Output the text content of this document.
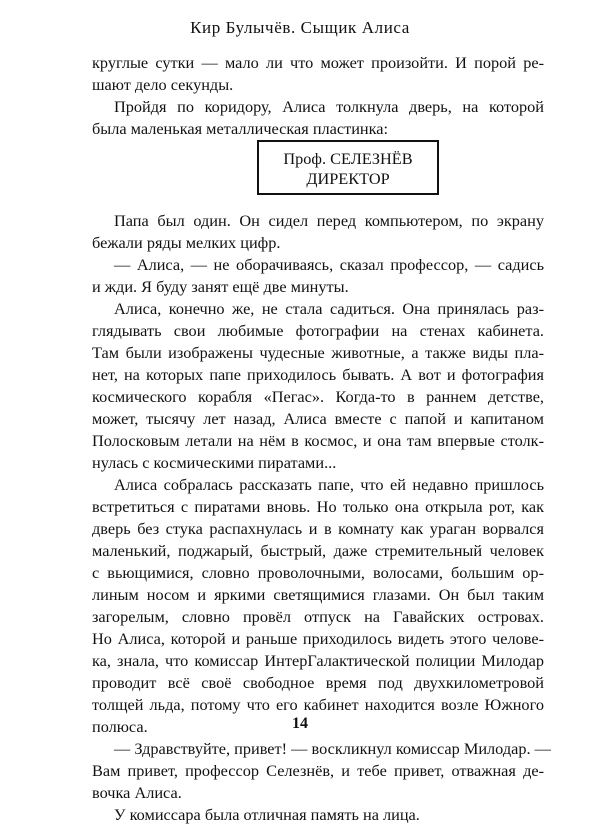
Кир Булычёв. Сыщик Алиса
круглые сутки — мало ли что может произойти. И порой ре-
шают дело секунды.
Пройдя по коридору, Алиса толкнула дверь, на которой
была маленькая металлическая пластинка:
Проф. СЕЛЕЗНЁВ
ДИРЕКТОР
Папа был один. Он сидел перед компьютером, по экрану
бежали ряды мелких цифр.
— Алиса, — не оборачиваясь, сказал профессор, — садись
и жди. Я буду занят ещё две минуты.
Алиса, конечно же, не стала садиться. Она принялась раз-
глядывать свои любимые фотографии на стенах кабинета.
Там были изображены чудесные животные, а также виды пла-
нет, на которых папе приходилось бывать. А вот и фотография
космического корабля «Пегас». Когда-то в раннем детстве,
может, тысячу лет назад, Алиса вместе с папой и капитаном
Полосковым летали на нём в космос, и она там впервые столк-
нулась с космическими пиратами...
Алиса собралась рассказать папе, что ей недавно пришлось
встретиться с пиратами вновь. Но только она открыла рот, как
дверь без стука распахнулась и в комнату как ураган ворвался
маленький, поджарый, быстрый, даже стремительный человек
с вьющимися, словно проволочными, волосами, большим ор-
линым носом и яркими светящимися глазами. Он был таким
загорелым, словно провёл отпуск на Гавайских островах.
Но Алиса, которой и раньше приходилось видеть этого челове-
ка, знала, что комиссар ИнтерГалактической полиции Милодар
проводит всё своё свободное время под двухкилометровой
толщей льда, потому что его кабинет находится возле Южного
полюса.
— Здравствуйте, привет! — воскликнул комиссар Милодар. —
Вам привет, профессор Селезнёв, и тебе привет, отважная де-
вочка Алиса.
У комиссара была отличная память на лица.
14
